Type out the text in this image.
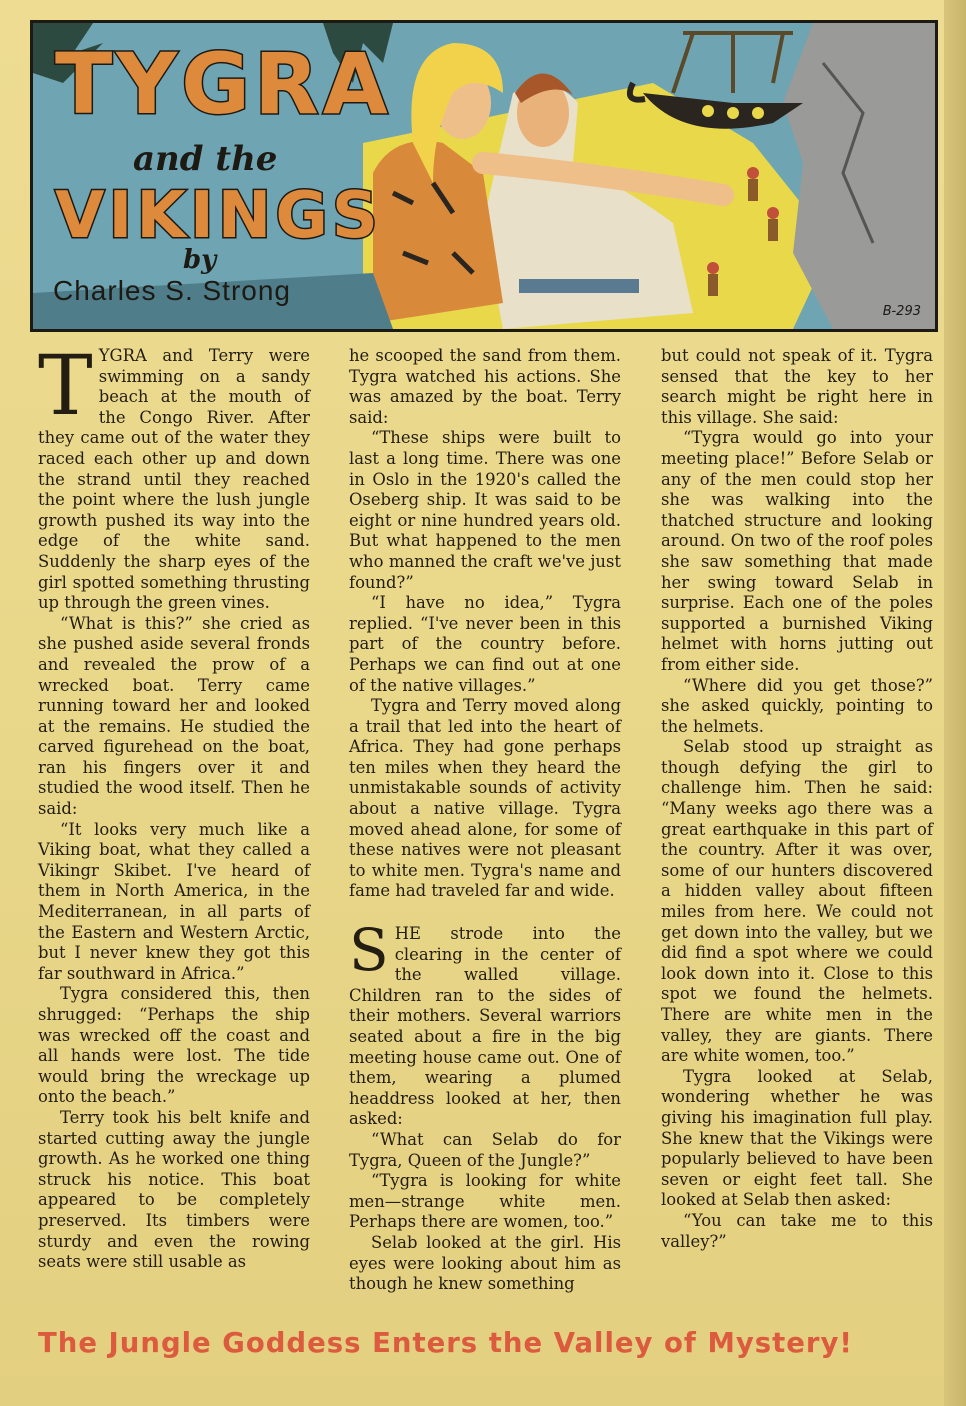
TYGRA
and the
VIKINGS
by
Charles S. Strong
B-293
T YGRA and Terry were swimming on a sandy beach at the mouth of the Congo River. After they came out of the water they raced each other up and down the strand until they reached the point where the lush jungle growth pushed its way into the edge of the white sand. Suddenly the sharp eyes of the girl spotted something thrusting up through the green vines.

“What is this?” she cried as she pushed aside several fronds and revealed the prow of a wrecked boat. Terry came running toward her and looked at the remains. He studied the carved figurehead on the boat, ran his fingers over it and studied the wood itself. Then he said:

“It looks very much like a Viking boat, what they called a Vikingr Skibet. I've heard of them in North America, in the Mediterranean, in all parts of the Eastern and Western Arctic, but I never knew they got this far southward in Africa.”

Tygra considered this, then shrugged: “Perhaps the ship was wrecked off the coast and all hands were lost. The tide would bring the wreckage up onto the beach.”

Terry took his belt knife and started cutting away the jungle growth. As he worked one thing struck his notice. This boat appeared to be completely preserved. Its timbers were sturdy and even the rowing seats were still usable as

he scooped the sand from them. Tygra watched his actions. She was amazed by the boat. Terry said:

“These ships were built to last a long time. There was one in Oslo in the 1920's called the Oseberg ship. It was said to be eight or nine hundred years old. But what happened to the men who manned the craft we've just found?”

“I have no idea,” Tygra replied. “I've never been in this part of the country before. Perhaps we can find out at one of the native villages.”

Tygra and Terry moved along a trail that led into the heart of Africa. They had gone perhaps ten miles when they heard the unmistakable sounds of activity about a native village. Tygra moved ahead alone, for some of these natives were not pleasant to white men. Tygra's name and fame had traveled far and wide.

S HE strode into the clearing in the center of the walled village. Children ran to the sides of their mothers. Several warriors seated about a fire in the big meeting house came out. One of them, wearing a plumed headdress looked at her, then asked:

“What can Selab do for Tygra, Queen of the Jungle?”

“Tygra is looking for white men—strange white men. Perhaps there are women, too.”

Selab looked at the girl. His eyes were looking about him as though he knew something

but could not speak of it. Tygra sensed that the key to her search might be right here in this village. She said:

“Tygra would go into your meeting place!” Before Selab or any of the men could stop her she was walking into the thatched structure and looking around. On two of the roof poles she saw something that made her swing toward Selab in surprise. Each one of the poles supported a burnished Viking helmet with horns jutting out from either side.

“Where did you get those?” she asked quickly, pointing to the helmets.

Selab stood up straight as though defying the girl to challenge him. Then he said: “Many weeks ago there was a great earthquake in this part of the country. After it was over, some of our hunters discovered a hidden valley about fifteen miles from here. We could not get down into the valley, but we did find a spot where we could look down into it. Close to this spot we found the helmets. There are white men in the valley, they are giants. There are white women, too.”

Tygra looked at Selab, wondering whether he was giving his imagination full play. She knew that the Vikings were popularly believed to have been seven or eight feet tall. She looked at Selab then asked:

“You can take me to this valley?”

The Jungle Goddess Enters the Valley of Mystery!
